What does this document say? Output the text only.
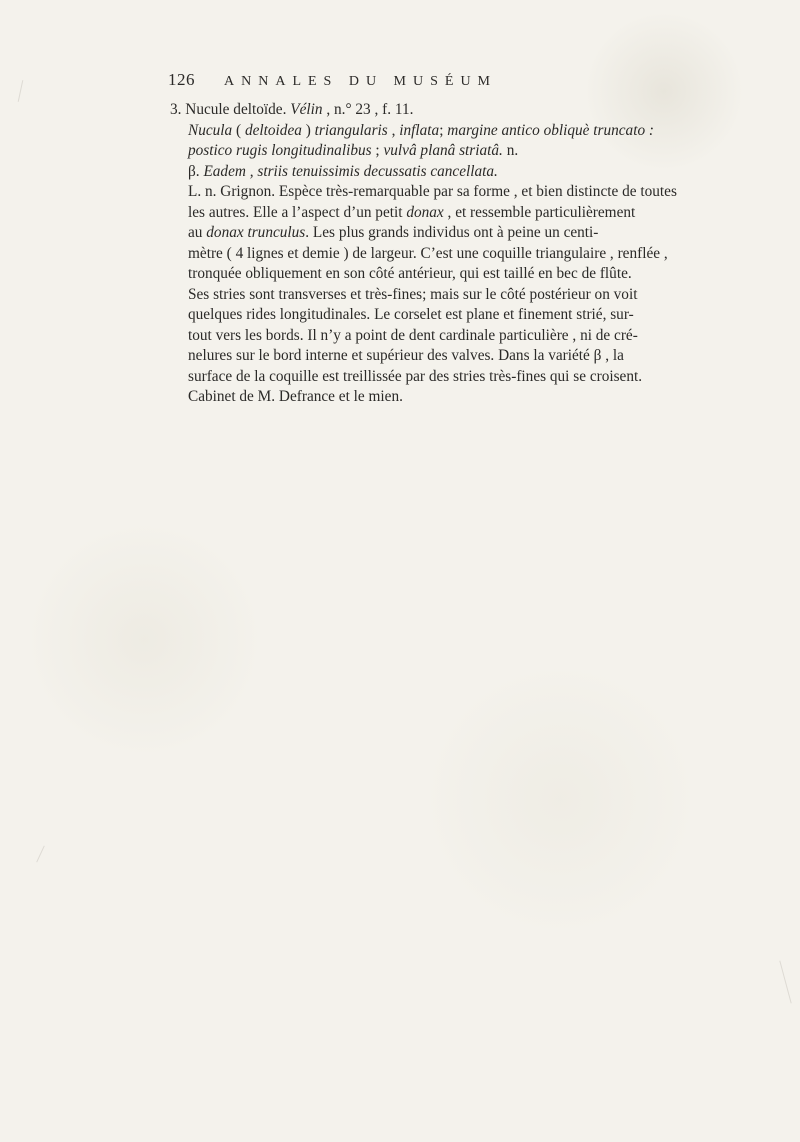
126	ANNALES DU MUSÉUM
3. Nucule deltoïde. Vélin , n.° 23 , f. 11.
Nucula ( deltoidea ) triangularis , inflata; margine antico obliquè truncato :
postico rugis longitudinalibus ; vulvâ planâ striatâ. n.
β. Eadem , striis tenuissimis decussatis cancellata.
L. n. Grignon. Espèce très-remarquable par sa forme , et bien distincte de toutes
les autres. Elle a l’aspect d’un petit donax , et ressemble particulièrement
au donax trunculus. Les plus grands individus ont à peine un centi-
mètre ( 4 lignes et demie ) de largeur. C’est une coquille triangulaire , renflée ,
tronquée obliquement en son côté antérieur, qui est taillé en bec de flûte.
Ses stries sont transverses et très-fines; mais sur le côté postérieur on voit
quelques rides longitudinales. Le corselet est plane et finement strié, sur-
tout vers les bords. Il n’y a point de dent cardinale particulière , ni de cré-
nelures sur le bord interne et supérieur des valves. Dans la variété β , la
surface de la coquille est treillissée par des stries très-fines qui se croisent.
Cabinet de M. Defrance et le mien.
